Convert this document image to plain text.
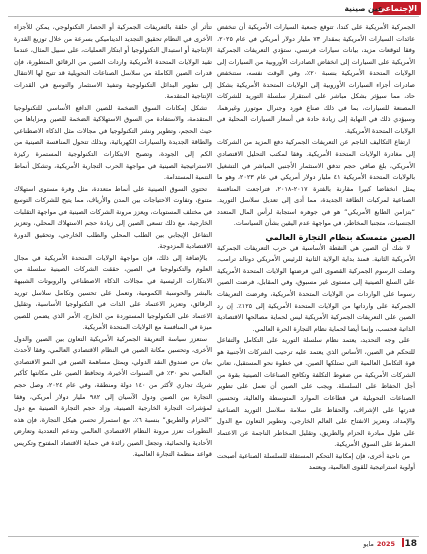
الإجتماعي
عين صينية

الجمركية الأمريكية على كندا، تتوقع جمعية السيارات الأمريكية أن تنخفض عائدات السيارات الأمريكية بمقدار ٧٣ مليار دولار أمريكي في عام ٢٠٢٥، وفقا لتوقعات مزيد، بيانات سيارات فرنسي، ستؤدي التعريفات الجمركية الأمريكية على السيارات إلى انخفاض الصادرات الأوروبية من السيارات إلى الولايات المتحدة الأمريكية بنسبة ٢٠٪، وفي الوقت نفسه، ستنخفض صادرات أجزاء السيارات الأوروبية إلى الولايات المتحدة الأمريكية بشكل حاد، مما سيؤثر بشكل مباشر على استقرار سلسلة التوريد للشركات المصنعة للسيارات، بما في ذلك صناع فورد وجنرال موتورز وغيرهما، وسيؤدي ذلك في النهاية إلى زيادة حادة في أسعار السيارات المحلية في الولايات المتحدة الأمريكية.

ارتفاع التكاليف الناجم عن التعريفات الجمركية دفع المزيد من الشركات إلى مغادرة الولايات المتحدة الأمريكية. وفقا لمكتب التحليل الاقتصادي الأمريكي، بلغ صافي حجم تدفق الاستثمار الأجنبي المباشر في التشغيل بالولايات المتحدة الأمريكية ٤١ مليار دولار أمريكي في عام ٢٠٢٣، وهو ما يمثل انخفاضا كبيرا مقارنة بالفترة ٢٠١٧-٢٠١٨، فتراجعت المنافسة الصناعية لمركبات الطاقة الجديدة، مما أدى إلى تعديل سلاسل التوريد. “بتزامن الطابع الأمريكي” هو في جوهره استجابة لرأس المال المتعدد الجنسيات، متجنبا المخاطر، في مواجهة عدم اليقين بشأن السياسات.

الصين متمسكة بنظام التجارة العالمي

لا شك أن الصين هي النقطة الأساسية في حرب التعريفات الجمركية الأمريكية الثانية. فمنذ بداية الولاية الثانية للرئيس الأمريكي دونالد ترامب، وصلت الرسوم الجمركية القصوى التي فرضتها الولايات المتحدة الأمريكية على السلع الصينية إلى مستوى غير مسبوق، وفي المقابل، فرضت الصين رسوما على الواردات من الولايات المتحدة الأمريكية، وفرضت التعريفات الجمركية على وارداتها من الولايات المتحدة الأمريكية إلى ١٢٥٪. إن رد الصين على التعريفات الجمركية الأمريكية ليس لحماية مصالحها الاقتصادية الذاتية فحسب، وإنما أيضا لحماية نظام التجارة الحرة العالمي.

على وجه التحديد، يعتمد نظام سلسلة التوريد على التكامل والتفاعل للتحكم في الصين، الأساس الذي يعتمد عليه ترحيب الشركات الأجنبية هو قوة التكامل العالمية التي تمتلكها الصين. في خطوة نحو المستقبل، تعاني الشركات الأمريكية من ضغوط التكلفة وتكافح الصناعات الصينية بقوة من أجل الحفاظ على السلسلة. ويجب على الصين أن تعمل على تطوير الصناعات التحويلية في قطاعات الموارد المتوسطة والعالية، وتحسين قدرتها على الإشراف، والحفاظ على سلامة سلاسل التوريد الصناعية والإمداد، وتعزيز الانفتاح على العالم الخارجي، وتطوير التعاون مع الدول على طول مبادرة الحزام والطريق، وتقليل المخاطر الناجمة عن الاعتماد المفرط على السوق الأمريكية.

من ناحية أخرى، فإن إمكانية التحكم المستقلة للسلسلة الصناعية أصبحت أولوية استراتيجية للقوى العالمية، ويعتمد

تتأثر أي حلقة بالتعريفات الجمركية أو الحصار التكنولوجي، يمكن للأجزاء الأخرى في النظام تحقيق التجديد الديناميكي بسرعة من خلال توزيع القدرة الإنتاجية أو استبدال التكنولوجيا أو ابتكار العمليات، على سبيل المثال، عندما تقيد الولايات المتحدة الأمريكية واردات الصين من الرقائق المتطورة، فإن قدرات الصين الكاملة من سلاسل الصناعات التحويلية قد تتيح لها الانتقال إلى تطوير البدائل التكنولوجية وتنفيذ الاستثمار والتوسع في القدرات الإنتاجية المتقدمة.

تشكل إمكانات السوق الضخمة للصين الدافع الأساسي للتكنولوجيا المتقدمة، والاستفادة من السوق الاستهلاكية الضخمة للصين ومزاياها من حيث الحجم، وتطوير ونشر التكنولوجيا في مجالات مثل الذكاء الاصطناعي والطاقة الجديدة والسيارات الكهربائية، وبذلك تتحول المنافسة الصينية من الكم إلى الجودة، وتصبح الابتكارات التكنولوجية المستمرة ركيزة الاستراتيجية الصينية في مواجهة الحرب التجارية الأمريكية، وتشكل أنماط التنمية المستدامة.

تحتوي السوق الصينية على أنماط متعددة، مثل وفرة مستوى استهلاك متنوع، وتفاوت الاحتياجات بين المدن والأرياف، مما يتيح للشركات التوسع في مختلف المستويات، ويعزز مرونة الشركات الصينية في مواجهة التقلبات الخارجية، مع ذلك تسعى الصين إلى زيادة حجم الاستهلاك المحلي، وتعزيز التفاعل الإيجابي بين الطلب المحلي والطلب الخارجي، وتحقيق الدورة الاقتصادية المزدوجة.

بالإضافة إلى ذلك، فإن مواجهة الولايات المتحدة الأمريكية في مجال العلوم والتكنولوجيا في الصين، حققت الشركات الصينية سلسلة من الابتكارات الرئيسية في مجالات الذكاء الاصطناعي والروبوتات الشبيهة بالبشر والحوسبة الكمومية، وتعمل على تحسين وتكامل سلاسل توريد الرقائق، وتعزيز الاعتماد على الذات في التكنولوجيا الأساسية، وتقليل الاعتماد على التكنولوجيا المستوردة من الخارج، الأمر الذي يضمن للصين ميزة في المنافسة مع الولايات المتحدة الأمريكية.

ستعزز سياسة التعريفة الجمركية الأمريكية التعاون بين الصين والدول الأخرى، وتحسين مكانة الصين في النظام الاقتصادي العالمي، وفقا لأحدث بيان من صندوق النقد الدولي، ويمثل مساهمة الصين في النمو الاقتصادي العالمي نحو ٣٠٪ في السنوات الأخيرة، وتحافظ الصين على مكانتها كأكبر شريك تجاري لأكثر من ١٤٠ دولة ومنطقة، وفي عام ٢٠٢٤، وصل حجم التجارة بين الصين ودول الآسيان إلى ٩٨٢ مليار دولار أمريكي، وفقا لمؤشرات التجارة الخارجية الصينية، وزاد حجم التجارة الصينية مع دول “الحزام والطريق” بنسبة ٦٪، مع استمرار تحسن هيكل التجارة، فإن هذه التطورات تعزز مرونة النظام الاقتصادي العالمي وتدعم التعددية وتعارض الأحادية والحمائية، وتجعل الصين رائدة في حماية الاقتصاد المفتوح وتكريس قواعد منظمة التجارة العالمية.

18
2025مايو
